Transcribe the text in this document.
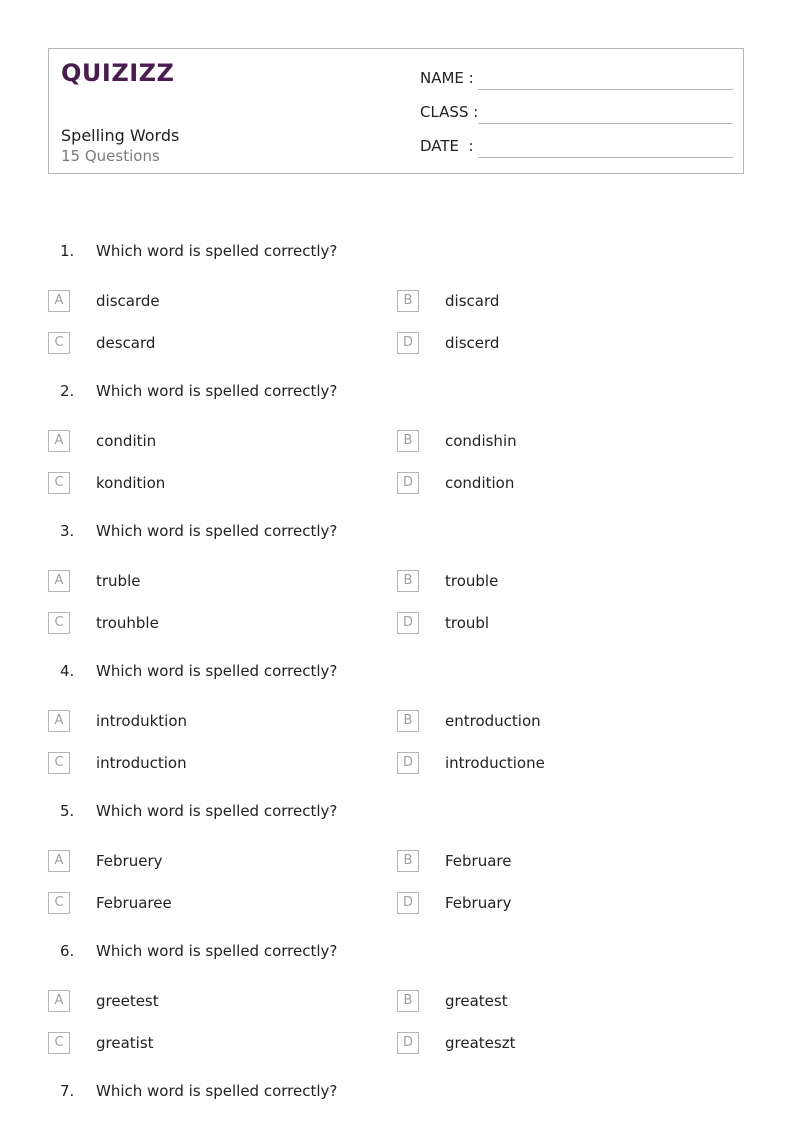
QUIZIZZ
Spelling Words
15 Questions
NAME :
CLASS :
DATE  :
1. Which word is spelled correctly?
A	discarde	B	discard
C	descard	D	discerd
2. Which word is spelled correctly?
A	conditin	B	condishin
C	kondition	D	condition
3. Which word is spelled correctly?
A	truble	B	trouble
C	trouhble	D	troubl
4. Which word is spelled correctly?
A	introduktion	B	entroduction
C	introduction	D	introductione
5. Which word is spelled correctly?
A	Februery	B	Februare
C	Februaree	D	February
6. Which word is spelled correctly?
A	greetest	B	greatest
C	greatist	D	greateszt
7. Which word is spelled correctly?
